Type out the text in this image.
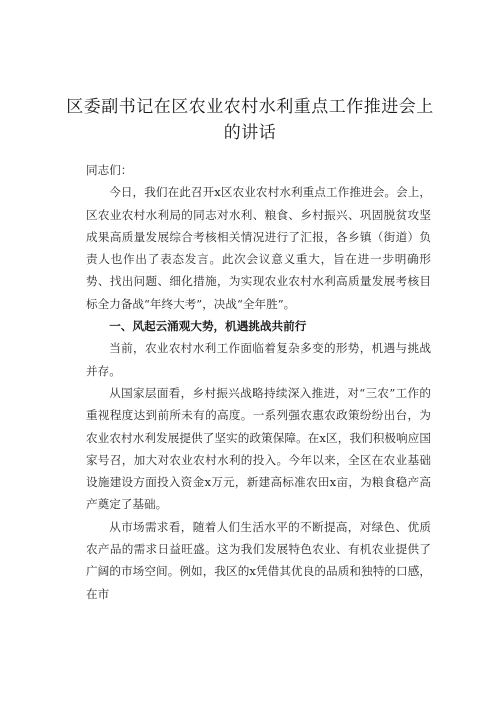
区委副书记在区农业农村水利重点工作推进会上的讲话

同志们：

今日，我们在此召开x区农业农村水利重点工作推进会。会上，区农业农村水利局的同志对水利、粮食、乡村振兴、巩固脱贫攻坚成果高质量发展综合考核相关情况进行了汇报，各乡镇（街道）负责人也作出了表态发言。此次会议意义重大，旨在进一步明确形势、找出问题、细化措施，为实现农业农村水利高质量发展考核目标全力备战“年终大考”，决战“全年胜”。

一、风起云涌观大势，机遇挑战共前行

当前，农业农村水利工作面临着复杂多变的形势，机遇与挑战并存。

从国家层面看，乡村振兴战略持续深入推进，对“三农”工作的重视程度达到前所未有的高度。一系列强农惠农政策纷纷出台，为农业农村水利发展提供了坚实的政策保障。在x区，我们积极响应国家号召，加大对农业农村水利的投入。今年以来，全区在农业基础设施建设方面投入资金x万元，新建高标准农田x亩，为粮食稳产高产奠定了基础。

从市场需求看，随着人们生活水平的不断提高，对绿色、优质农产品的需求日益旺盛。这为我们发展特色农业、有机农业提供了广阔的市场空间。例如，我区的x凭借其优良的品质和独特的口感，在市
